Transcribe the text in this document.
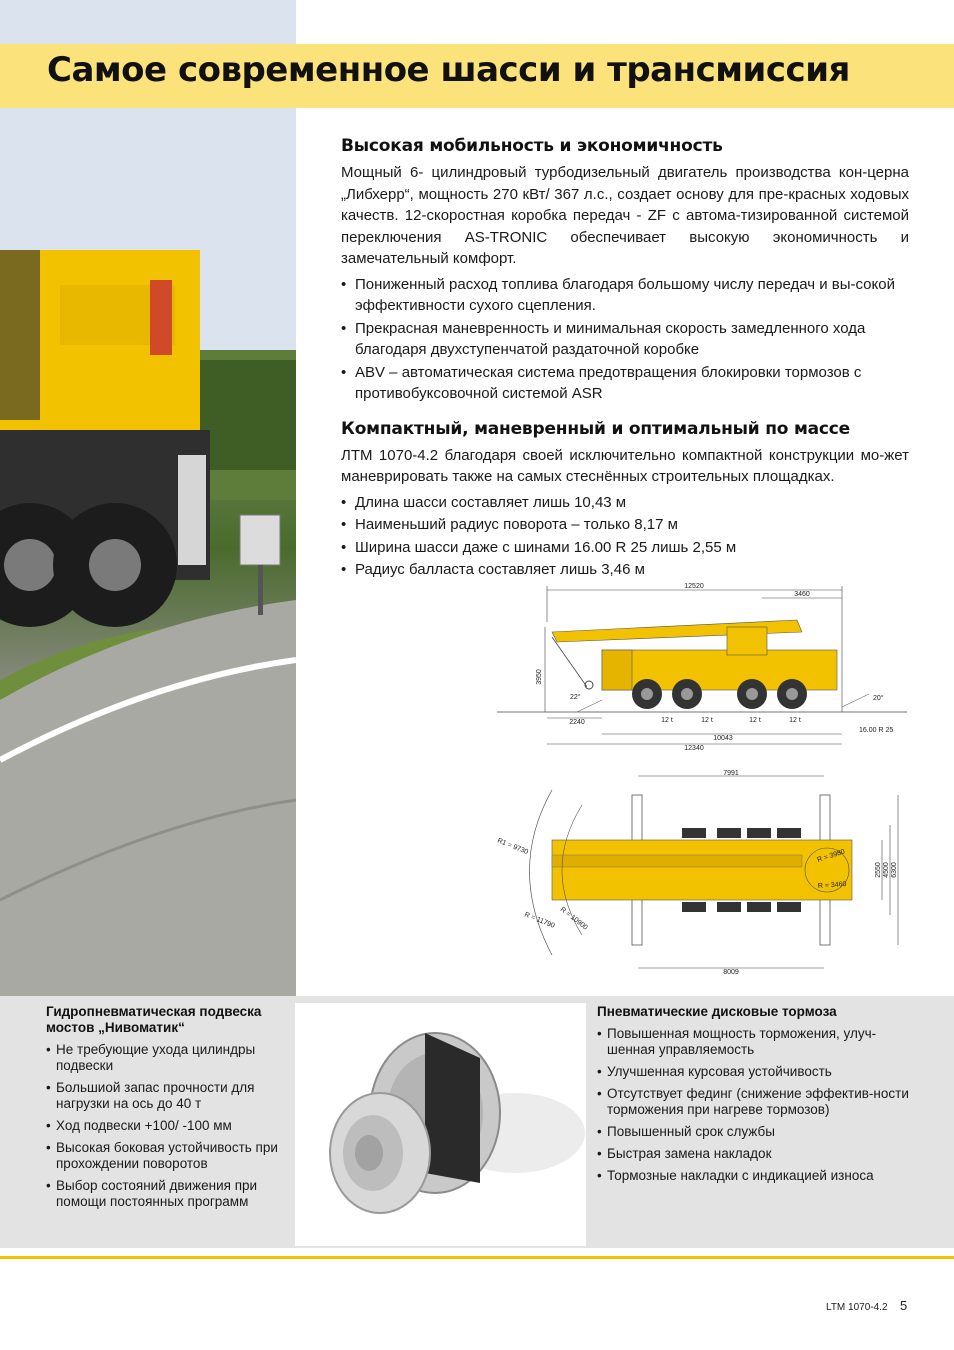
Самое современное шасси и трансмиссия
Высокая мобильность и экономичность

Мощный 6- цилиндровый турбодизельный двигатель производства кон-церна „Либхерр“, мощность 270 кВт/ 367 л.с., создает основу для пре-красных ходовых качеств. 12-скоростная коробка передач - ZF с автома-тизированной системой переключения AS-TRONIC обеспечивает высокую экономичность и замечательный комфорт.

• Пониженный расход топлива благодаря большому числу передач и вы-сокой эффективности сухого сцепления.
• Прекрасная маневренность и минимальная скорость замедленного хода благодаря двухступенчатой раздаточной коробке
• ABV – автоматическая система предотвращения блокировки тормозов с противобуксовочной системой ASR
Компактный, маневренный и оптимальный по массе

ЛТМ 1070-4.2 благодаря своей исключительно компактной конструкции мо-жет маневрировать также на самых стеснённых строительных площадках.

• Длина шасси составляет лишь 10,43 м
• Наименьший радиус поворота – только 8,17 м
• Ширина шасси даже с шинами 16.00 R 25 лишь 2,55 м
• Радиус балласта составляет лишь 3,46 м
12520
3460
3950
22°	20°
12 t	12 t	12 t	12 t
2240
10043
12340
16.00 R 25
7991
8009
R1 = 9730
R = 10900
R = 11790
R = 3980
R = 3460
2550 4500 6300
Гидропневматическая подвеска мостов „Нивоматик“
• Не требующие ухода цилиндры подвески
• Большиой запас прочности для нагрузки на ось до 40 т
• Ход подвески +100/ -100 мм
• Высокая боковая устойчивость при прохождении поворотов
• Выбор состояний движения при помощи постоянных программ
Пневматические дисковые тормоза
• Повышенная мощность торможения, улуч-шенная управляемость
• Улучшенная курсовая устойчивость
• Отсутствует фединг (снижение эффектив-ности торможения при нагреве тормозов)
• Повышенный срок службы
• Быстрая замена накладок
• Тормозные накладки с индикацией износа
LTM 1070-4.2 5
